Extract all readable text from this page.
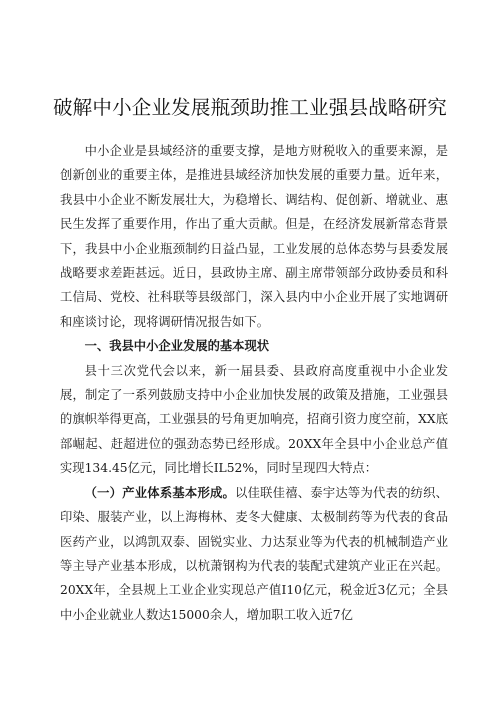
破解中小企业发展瓶颈助推工业强县战略研究

中小企业是县域经济的重要支撑，是地方财税收入的重要来源，是创新创业的重要主体，是推进县域经济加快发展的重要力量。近年来，我县中小企业不断发展壮大，为稳增长、调结构、促创新、增就业、惠民生发挥了重要作用，作出了重大贡献。但是，在经济发展新常态背景下，我县中小企业瓶颈制约日益凸显，工业发展的总体态势与县委发展战略要求差距甚远。近日，县政协主席、副主席带领部分政协委员和科工信局、党校、社科联等县级部门，深入县内中小企业开展了实地调研和座谈讨论，现将调研情况报告如下。

一、我县中小企业发展的基本现状

县十三次党代会以来，新一届县委、县政府高度重视中小企业发展，制定了一系列鼓励支持中小企业加快发展的政策及措施，工业强县的旗帜举得更高，工业强县的号角更加响亮，招商引资力度空前，XX底部崛起、赶超进位的强劲态势已经形成。20XX年全县中小企业总产值实现134.45亿元，同比增长IL52%，同时呈现四大特点：

（一）产业体系基本形成。以佳联佳禧、泰宇达等为代表的纺织、印染、服装产业，以上海梅林、麦冬大健康、太极制药等为代表的食品医药产业，以鸿凯双泰、固锐实业、力达泵业等为代表的机械制造产业等主导产业基本形成，以杭萧钢构为代表的装配式建筑产业正在兴起。20XX年，全县规上工业企业实现总产值I10亿元，税金近3亿元；全县中小企业就业人数达15000余人，增加职工收入近7亿
